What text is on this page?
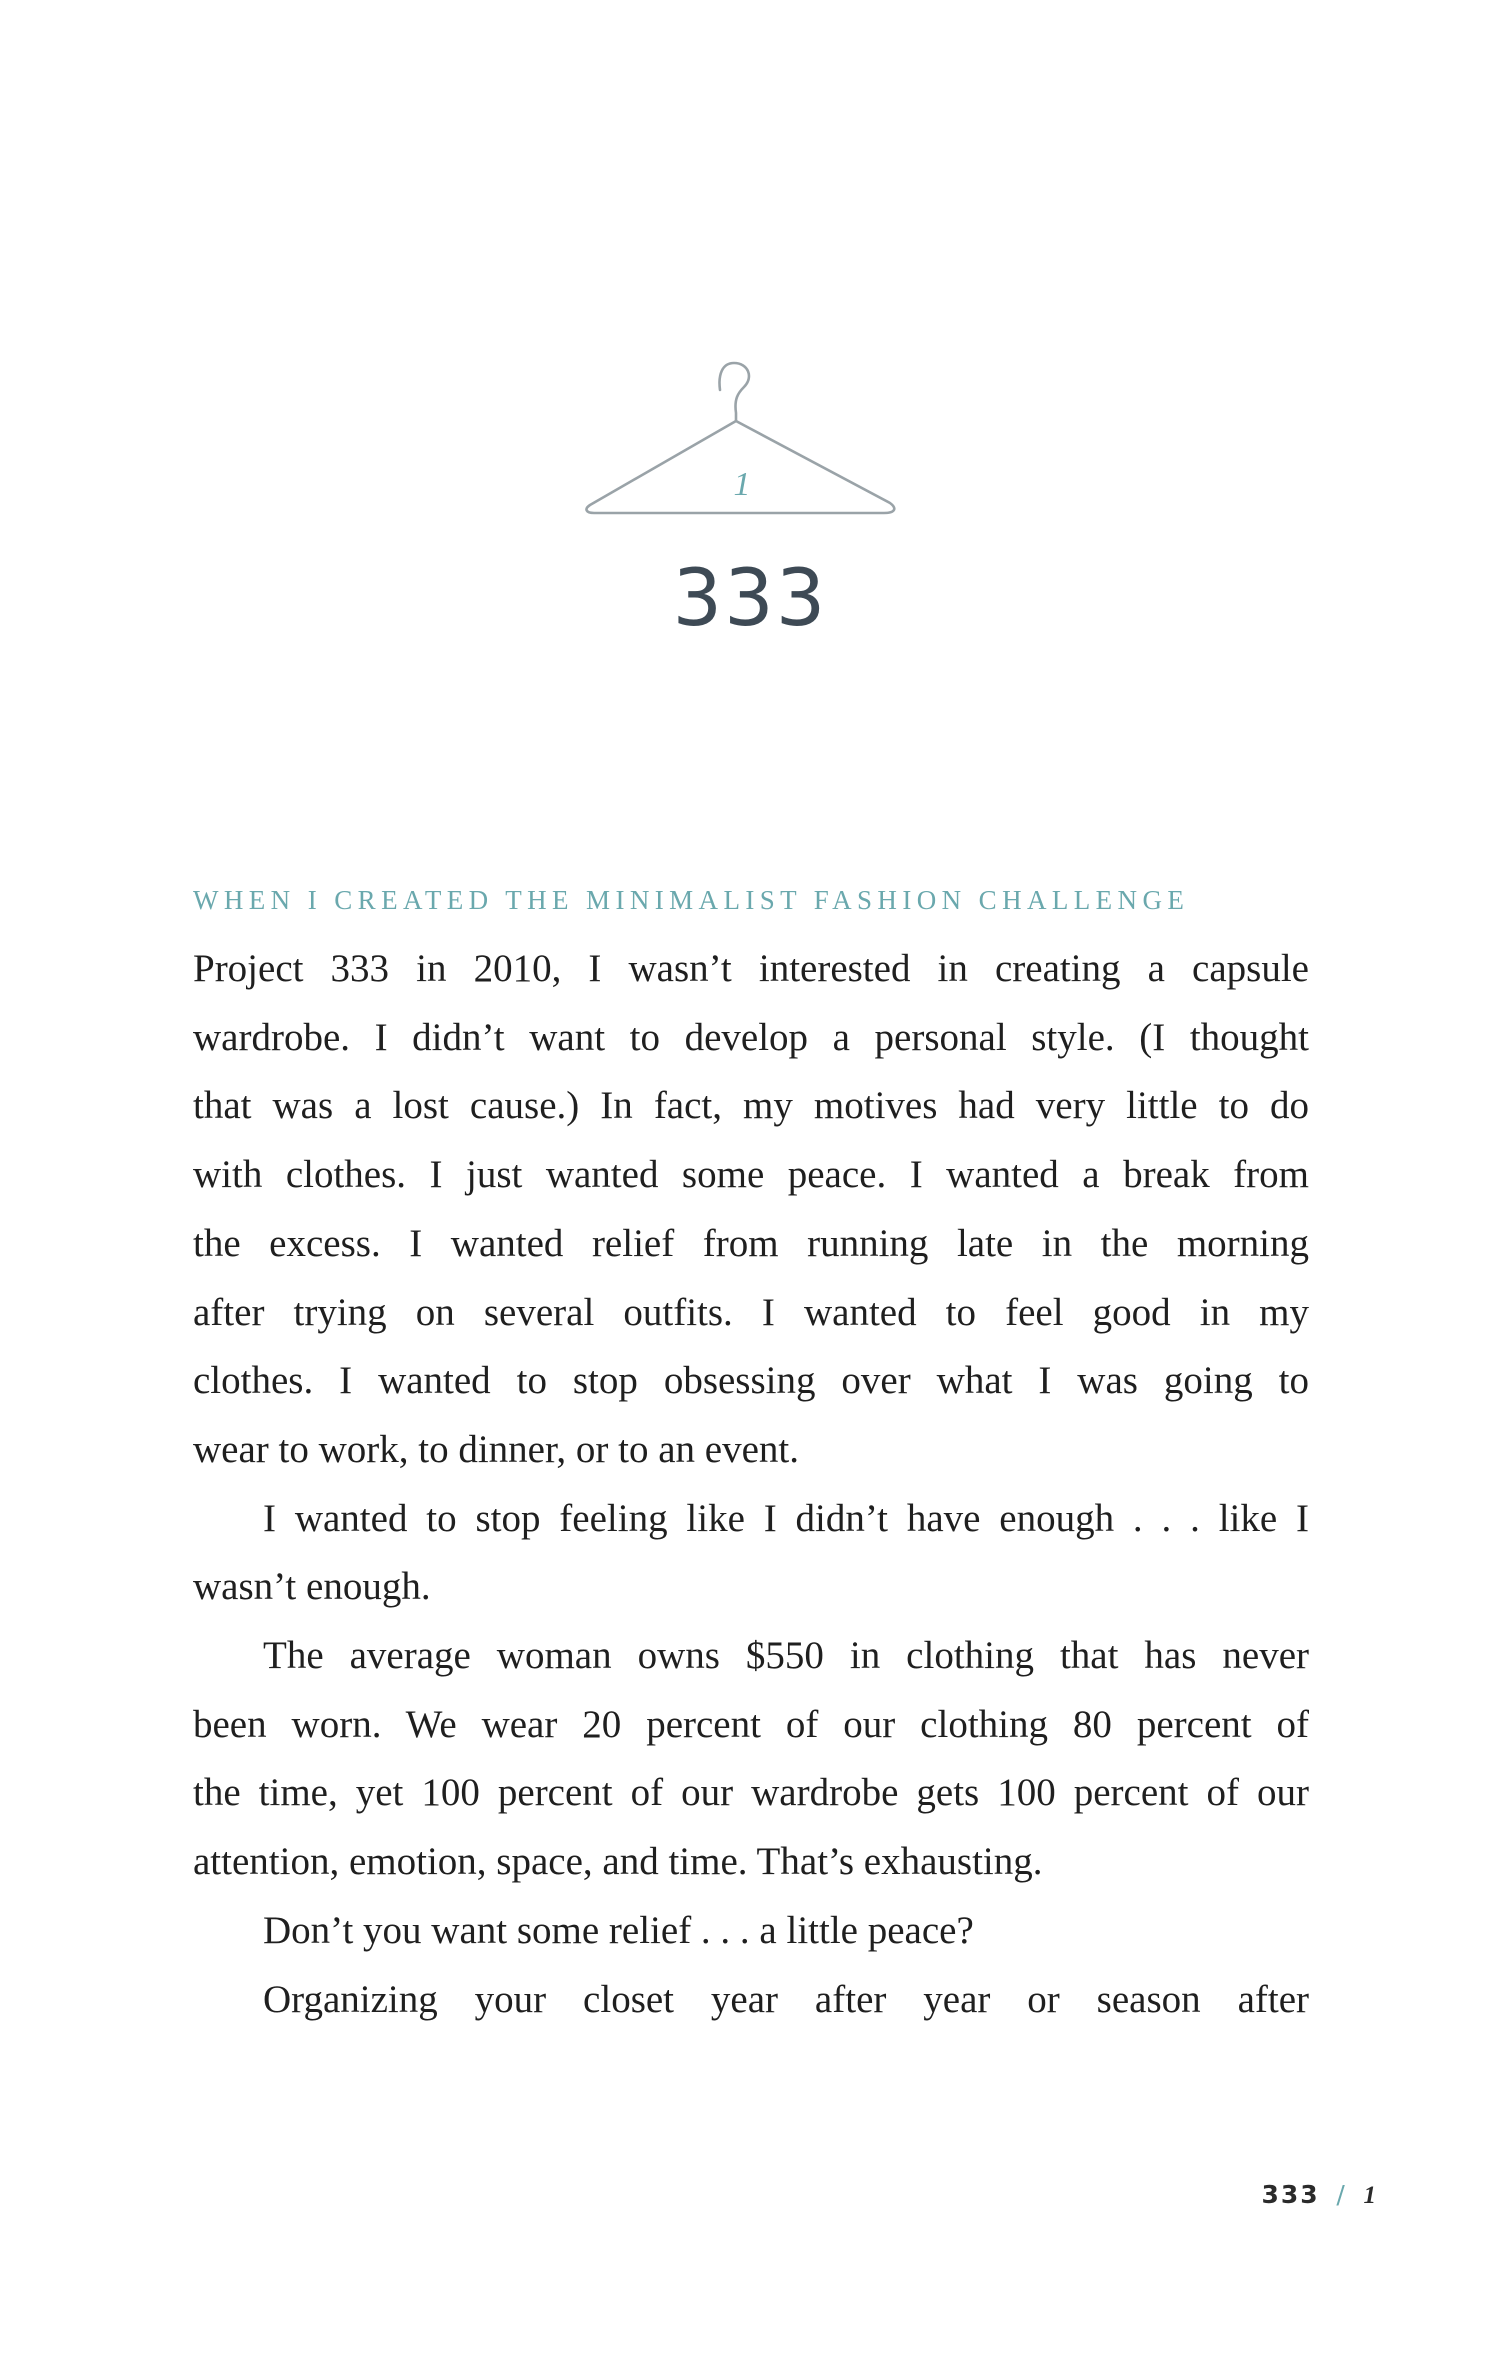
1
333
WHEN I CREATED THE MINIMALIST FASHION CHALLENGE

Project 333 in 2010, I wasn’t interested in creating a capsule
wardrobe. I didn’t want to develop a personal style. (I thought
that was a lost cause.) In fact, my motives had very little to do
with clothes. I just wanted some peace. I wanted a break from
the excess. I wanted relief from running late in the morning
after trying on several outfits. I wanted to feel good in my
clothes. I wanted to stop obsessing over what I was going to
wear to work, to dinner, or to an event.

I wanted to stop feeling like I didn’t have enough . . . like I
wasn’t enough.

The average woman owns $550 in clothing that has never
been worn. We wear 20 percent of our clothing 80 percent of
the time, yet 100 percent of our wardrobe gets 100 percent of our
attention, emotion, space, and time. That’s exhausting.

Don’t you want some relief . . . a little peace?

Organizing your closet year after year or season after

333 / 1
